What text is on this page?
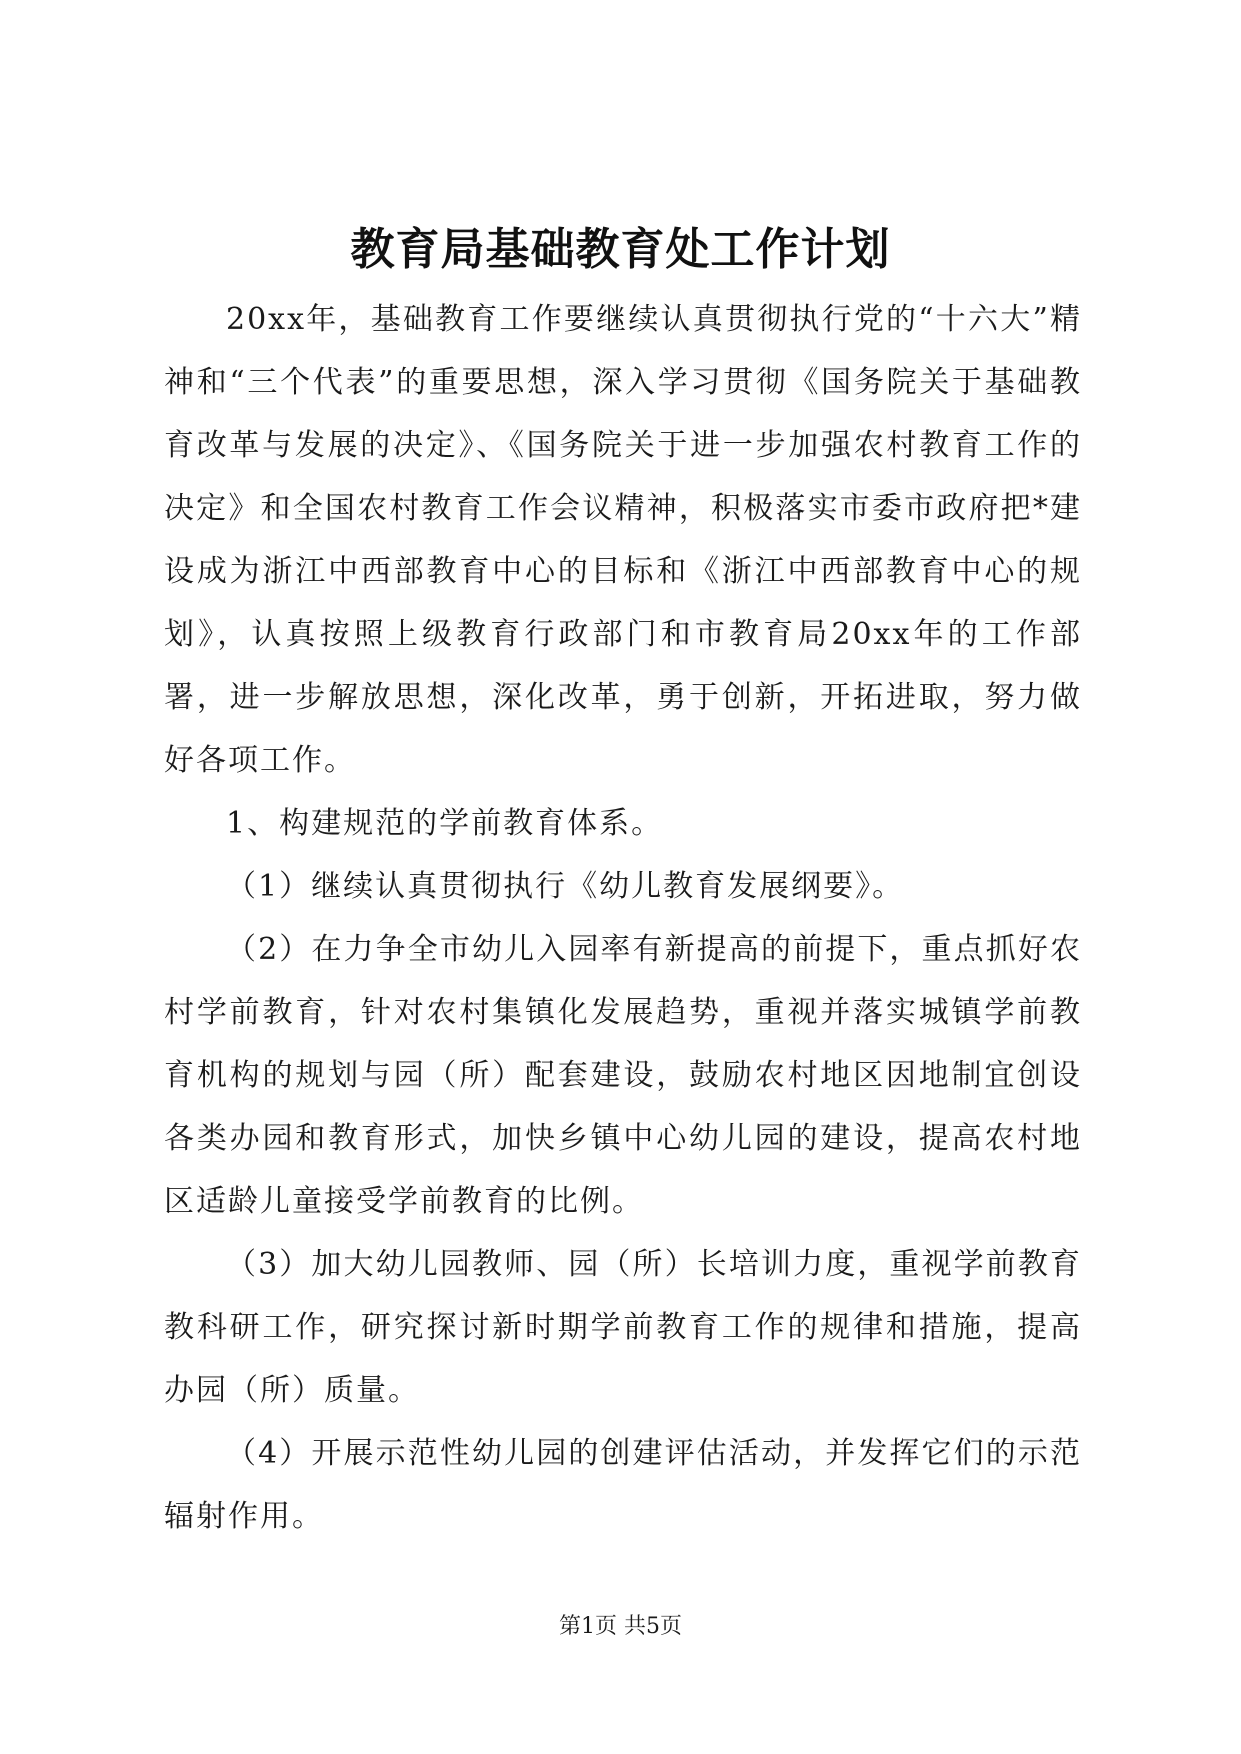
教育局基础教育处工作计划

20xx年，基础教育工作要继续认真贯彻执行党的“十六大”精神和“三个代表”的重要思想，深入学习贯彻《国务院关于基础教育改革与发展的决定》、《国务院关于进一步加强农村教育工作的决定》和全国农村教育工作会议精神，积极落实市委市政府把*建设成为浙江中西部教育中心的目标和《浙江中西部教育中心的规划》，认真按照上级教育行政部门和市教育局20xx年的工作部署，进一步解放思想，深化改革，勇于创新，开拓进取，努力做好各项工作。

1、构建规范的学前教育体系。

（1）继续认真贯彻执行《幼儿教育发展纲要》。

（2）在力争全市幼儿入园率有新提高的前提下，重点抓好农村学前教育，针对农村集镇化发展趋势，重视并落实城镇学前教育机构的规划与园（所）配套建设，鼓励农村地区因地制宜创设各类办园和教育形式，加快乡镇中心幼儿园的建设，提高农村地区适龄儿童接受学前教育的比例。

（3）加大幼儿园教师、园（所）长培训力度，重视学前教育教科研工作，研究探讨新时期学前教育工作的规律和措施，提高办园（所）质量。

（4）开展示范性幼儿园的创建评估活动，并发挥它们的示范辐射作用。

第1页 共5页
